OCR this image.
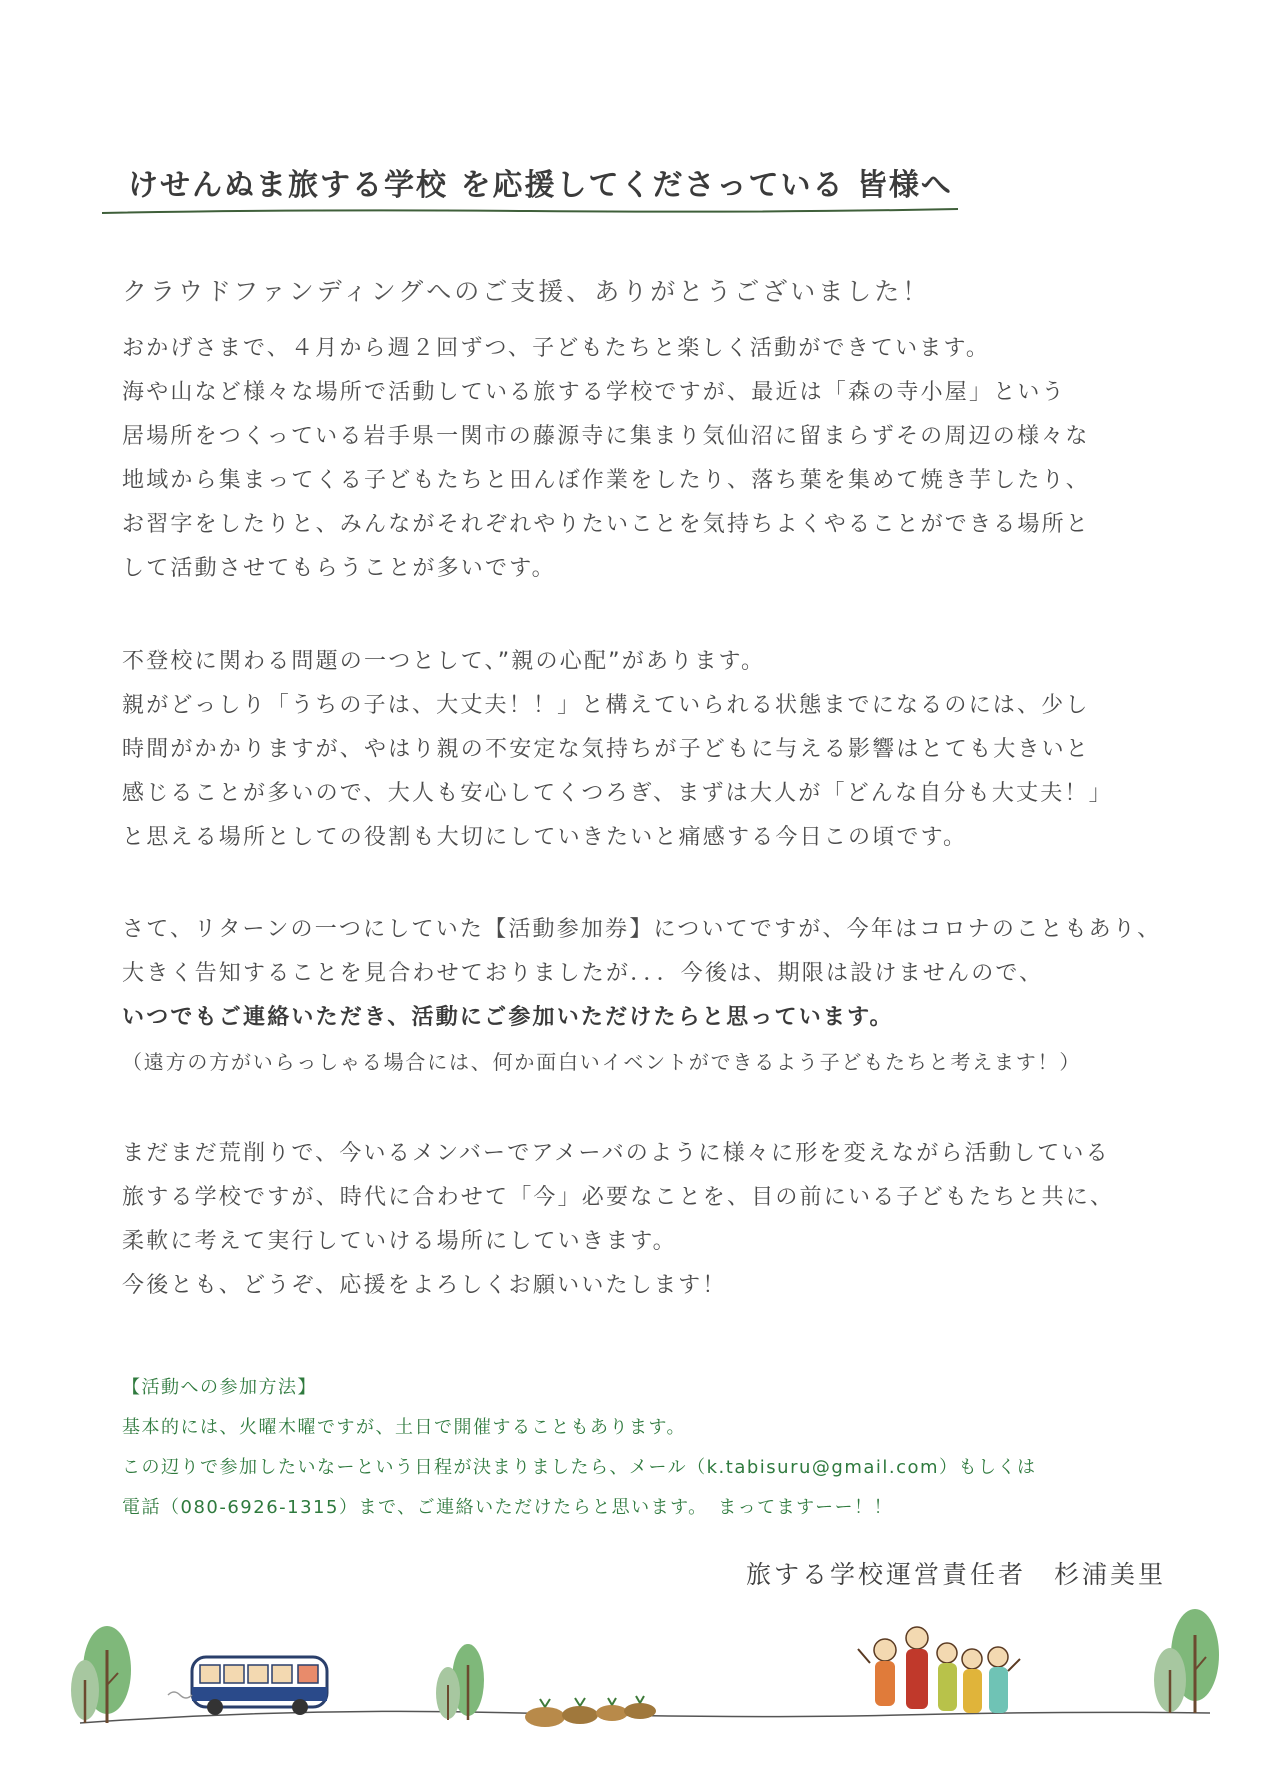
けせんぬま旅する学校 を応援してくださっている 皆様へ
クラウドファンディングへのご支援、ありがとうございました！
おかげさまで、４月から週２回ずつ、子どもたちと楽しく活動ができています。
海や山など様々な場所で活動している旅する学校ですが、最近は「森の寺小屋」という
居場所をつくっている岩手県一関市の藤源寺に集まり気仙沼に留まらずその周辺の様々な
地域から集まってくる子どもたちと田んぼ作業をしたり、落ち葉を集めて焼き芋したり、
お習字をしたりと、みんながそれぞれやりたいことを気持ちよくやることができる場所と
して活動させてもらうことが多いです。
不登校に関わる問題の一つとして、”親の心配”があります。
親がどっしり「うちの子は、大丈夫！！」と構えていられる状態までになるのには、少し
時間がかかりますが、やはり親の不安定な気持ちが子どもに与える影響はとても大きいと
感じることが多いので、大人も安心してくつろぎ、まずは大人が「どんな自分も大丈夫！」
と思える場所としての役割も大切にしていきたいと痛感する今日この頃です。
さて、リターンの一つにしていた【活動参加券】についてですが、今年はコロナのこともあり、
大きく告知することを見合わせておりましたが．．．今後は、期限は設けませんので、
いつでもご連絡いただき、活動にご参加いただけたらと思っています。
（遠方の方がいらっしゃる場合には、何か面白いイベントができるよう子どもたちと考えます！）
まだまだ荒削りで、今いるメンバーでアメーバのように様々に形を変えながら活動している
旅する学校ですが、時代に合わせて「今」必要なことを、目の前にいる子どもたちと共に、
柔軟に考えて実行していける場所にしていきます。
今後とも、どうぞ、応援をよろしくお願いいたします！
【活動への参加方法】
基本的には、火曜木曜ですが、土日で開催することもあります。
この辺りで参加したいなーという日程が決まりましたら、メール（k.tabisuru@gmail.com）もしくは
電話（080-6926-1315）まで、ご連絡いただけたらと思います。　まってますーー！！
旅する学校運営責任者　杉浦美里
